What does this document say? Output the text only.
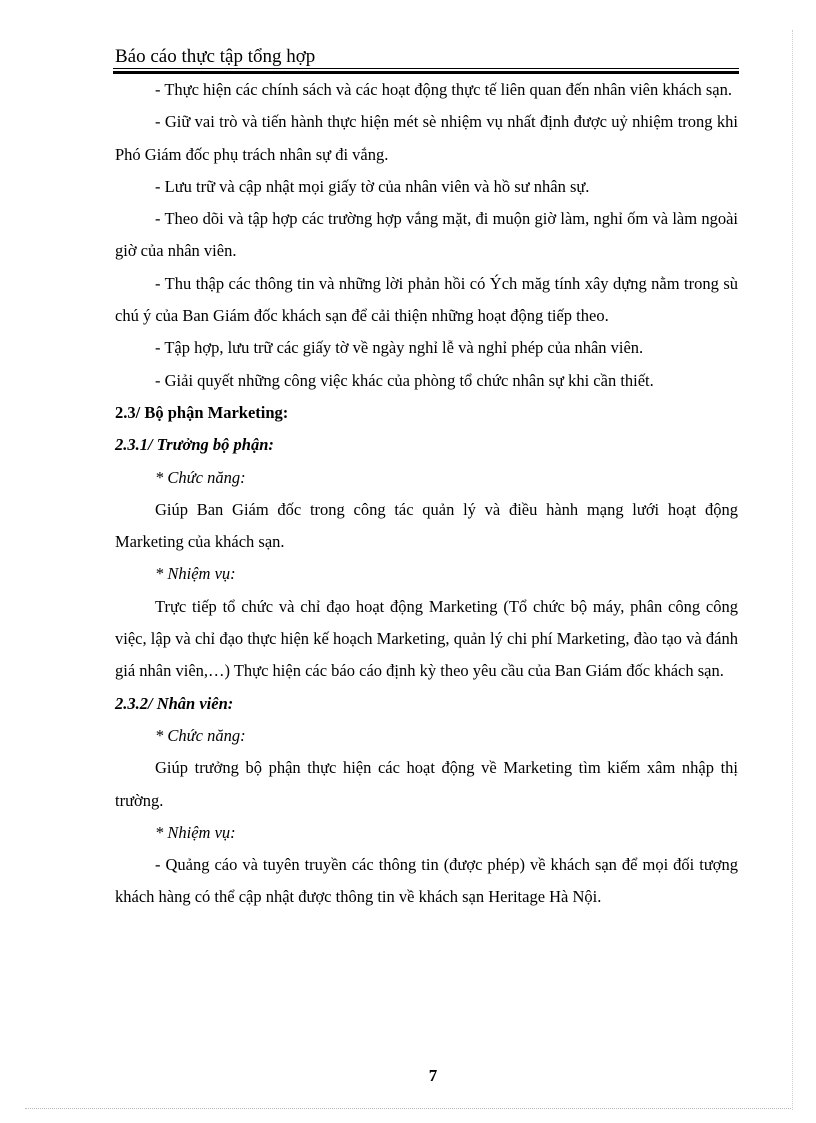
Báo cáo thực tập tổng hợp

- Thực hiện các chính sách và các hoạt động thực tế liên quan đến nhân viên khách sạn.

- Giữ vai trò và tiến hành thực hiện mét sè nhiệm vụ nhất định được uỷ nhiệm trong khi Phó Giám đốc phụ trách nhân sự đi vắng.

- Lưu trữ và cập nhật mọi giấy tờ của nhân viên và hồ sư nhân sự.

- Theo dõi và tập hợp các trường hợp vắng mặt, đi muộn giờ làm, nghỉ ốm và làm ngoài giờ của nhân viên.

- Thu thập các thông tin và những lời phản hồi có Ých măg tính xây dựng nằm trong sù chú ý của Ban Giám đốc khách sạn để cải thiện những hoạt động tiếp theo.

- Tập hợp, lưu trữ các giấy tờ về ngày nghỉ lễ và nghỉ phép của nhân viên.

- Giải quyết những công việc khác của phòng tổ chức nhân sự khi cần thiết.

2.3/ Bộ phận Marketing:

2.3.1/ Trưởng bộ phận:

* Chức năng:

Giúp Ban Giám đốc trong công tác quản lý và điều hành mạng lưới hoạt động Marketing của khách sạn.

* Nhiệm vụ:

Trực tiếp tổ chức và chỉ đạo hoạt động Marketing (Tổ chức bộ máy, phân công công việc, lập và chỉ đạo thực hiện kế hoạch Marketing, quản lý chi phí Marketing, đào tạo và đánh giá nhân viên,…) Thực hiện các báo cáo định kỳ theo yêu cầu của Ban Giám đốc khách sạn.

2.3.2/ Nhân viên:

* Chức năng:

Giúp trưởng bộ phận thực hiện các hoạt động về Marketing tìm kiếm xâm nhập thị trường.

* Nhiệm vụ:

- Quảng cáo và tuyên truyền các thông tin (được phép) về khách sạn để mọi đối tượng khách hàng có thể cập nhật được thông tin về khách sạn Heritage Hà Nội.

7
